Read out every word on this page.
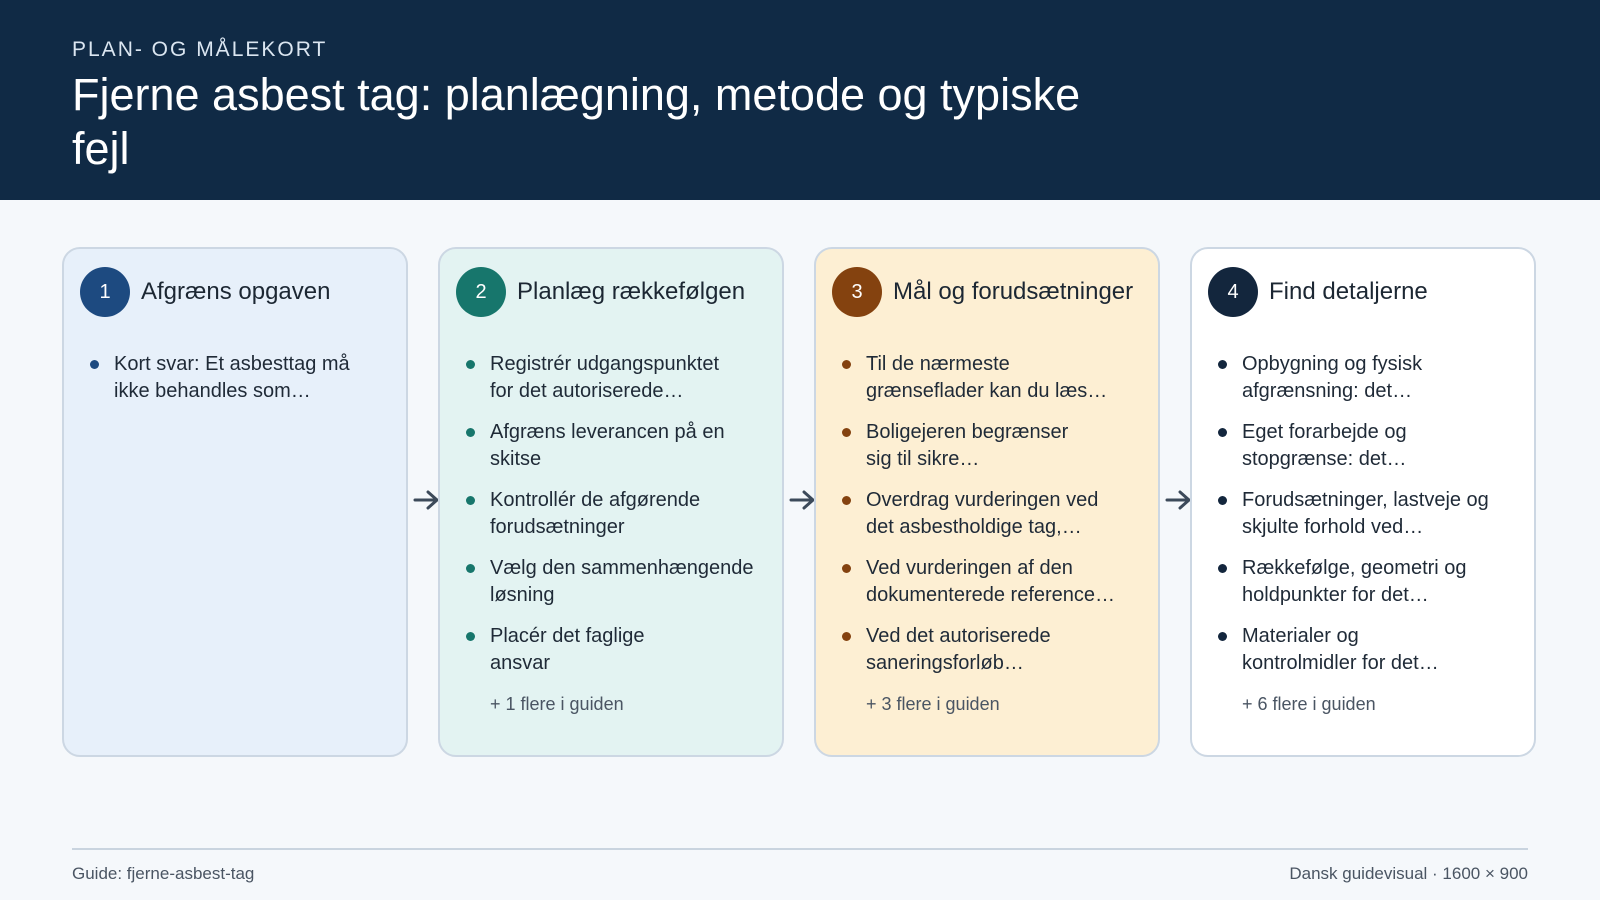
PLAN- OG MÅLEKORT
Fjerne asbest tag: planlægning, metode og typiske fejl
1	Afgræns opgaven
Kort svar: Et asbesttag må ikke behandles som…
2	Planlæg rækkefølgen
Registrér udgangspunktet for det autoriserede…
Afgræns leverancen på en skitse
Kontrollér de afgørende forudsætninger
Vælg den sammenhængende løsning
Placér det faglige ansvar
+ 1 flere i guiden
3	Mål og forudsætninger
Til de nærmeste grænseflader kan du læs…
Boligejeren begrænser sig til sikre…
Overdrag vurderingen ved det asbestholdige tag,…
Ved vurderingen af den dokumenterede reference…
Ved det autoriserede saneringsforløb…
+ 3 flere i guiden
4	Find detaljerne
Opbygning og fysisk afgrænsning: det…
Eget forarbejde og stopgrænse: det…
Forudsætninger, lastveje og skjulte forhold ved…
Rækkefølge, geometri og holdpunkter for det…
Materialer og kontrolmidler for det…
+ 6 flere i guiden
Guide: fjerne-asbest-tag	Dansk guidevisual · 1600 × 900
